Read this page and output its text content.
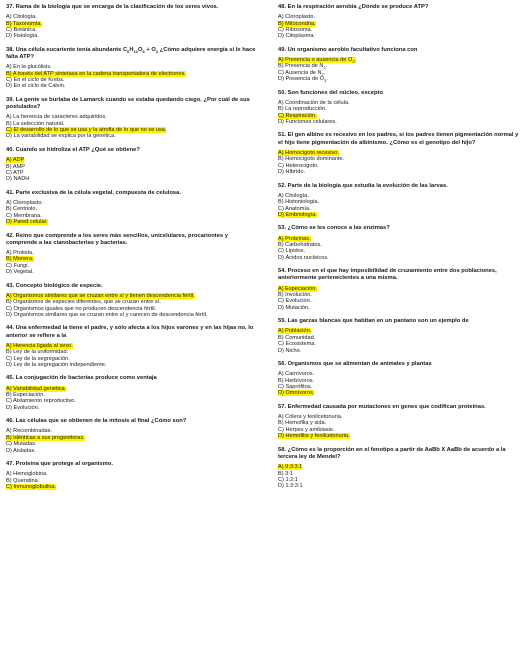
37. Rama de la biología que se encarga de la clasificación de los seres vivos.
A) Citología.
B) Taxonomía.
C) Botánica.
D) Fisiología.
38. Una célula eucariente tenía abundante $C_6H_{12}O_6 + O_2$ ¿Cómo adquiere energía si le hace falta ATP?
A) En la glucólisis.
B) A través del ATP sintetasa en la cadena transportadora de electrones.
C) En el ciclo de Krebs.
D) En el ciclo de Calvin.
39. La gente se burlaba de Lamarck cuando se estaba quedando ciego. ¿Por cuál de sus postulados?
A) La herencia de caracteres adquiridos.
B) La selección natural.
C) El desarrollo de lo que se usa y la atrofia de lo que no se usa.
D) La variabilidad se explica por la genética.
40. Cuando se hidroliza el ATP ¿Qué se obtiene?
A) ADP
B) AMP
C) ATP
D) NADH
41. Parte exclusiva de la célula vegetal, compuesta de celulosa.
A) Cloroplasto.
B) Centriolo.
C) Membrana.
D) Pared celular.
42. Reino que comprende a los seres más sencillos, unicelulares, procariontes y comprende a las cianobacterias y bacterias.
A) Protista.
B) Monera.
C) Fungi.
D) Vegetal.
43. Concepto biológico de especie.
A) Organismos similares que se cruzan entre sí y tienen descendencia fértil.
B) Organismos de especies diferentes, que se cruzan entre sí.
C) Organismos iguales que no producen descendencia fértil.
D) Organismos similares que se cruzan entre sí y carecen de descendencia fértil.
44. Una enfermedad la tiene el padre, y sólo afecta a los hijos varones y en las hijas no, lo anterior se refiere a la
A) Herencia ligada al sexo.
B) Ley de la uniformidad.
C) Ley de la segregación.
D) Ley de la segregación independiente.
45. La conjugación de bacterias produce como ventaja
A) Variabilidad genética.
B) Especiación.
C) Aislamiento reproductivo.
D) Evolución.
46. Las células que se obtienen de la mitosis al final ¿Cómo son?
A) Recombinadas.
B) Idénticas a sus progenitoras.
C) Mutadas.
D) Aisladas.
47. Proteína que protege al organismo.
A) Hemoglobina.
B) Queratina.
C) Inmunoglobulina.
48. En la respiración aerobia ¿Dónde se produce ATP?
A) Cloroplasto.
B) Mitocondria.
C) Ribosoma.
D) Citoplasma.
49. Un organismo aerobio facultativo funciona con
A) Presencia o ausencia de $O_2$.
B) Presencia de $N_2$.
C) Ausencia de $N_2$.
D) Presencia de $O_3$.
50. Son funciones del núcleo, excepto
A) Coordinación de la célula.
B) La reproducción.
C) Respiración.
D) Funciones celulares.
51. El gen albino es recesivo en los padres, si los padres tienen pigmentación normal y el hijo tiene pigmentación de albinismo. ¿Cómo es el genotipo del hijo?
A) Homocigoto recesivo.
B) Homocigoto dominante.
C) Heterocigoto.
D) Híbrido.
52. Parte de la biología que estudia la evolución de las larvas.
A) Citología.
B) Histoniología.
C) Anatomía.
D) Embriología.
53. ¿Cómo se les conoce a las enzimas?
A) Proteínas.
B) Carbohidratos.
C) Lípidos.
D) Ácidos nucleicos.
54. Proceso en el que hay imposibilidad de cruzamiento entre dos poblaciones, anteriormente pertenecientes a una misma.
A) Especiación.
B) Involución.
C) Evolución.
D) Mutación.
55. Las garzas blancas que habitan en un pantano son un ejemplo de
A) Población.
B) Comunidad.
C) Ecosistema.
D) Nicho.
56. Organismos que se alimentan de animales y plantas
A) Carnívoros.
B) Herbívoros.
C) Saprófitos.
D) Omnívoros.
57. Enfermedad causada por mutaciones en genes que codifican proteínas.
A) Cólera y fenilcetonuria.
B) Hemofilia y sida.
C) Herpes y amibiasis.
D) Hemofilia y fenilcetonuria.
58. ¿Cómo es la proporción en el fenotipo a partir de AaBb X AaBb de acuerdo a la tercera ley de Mendel?
A) 9:3:3:1
B) 3:1
C) 1:2:1
D) 1:3:3:1
